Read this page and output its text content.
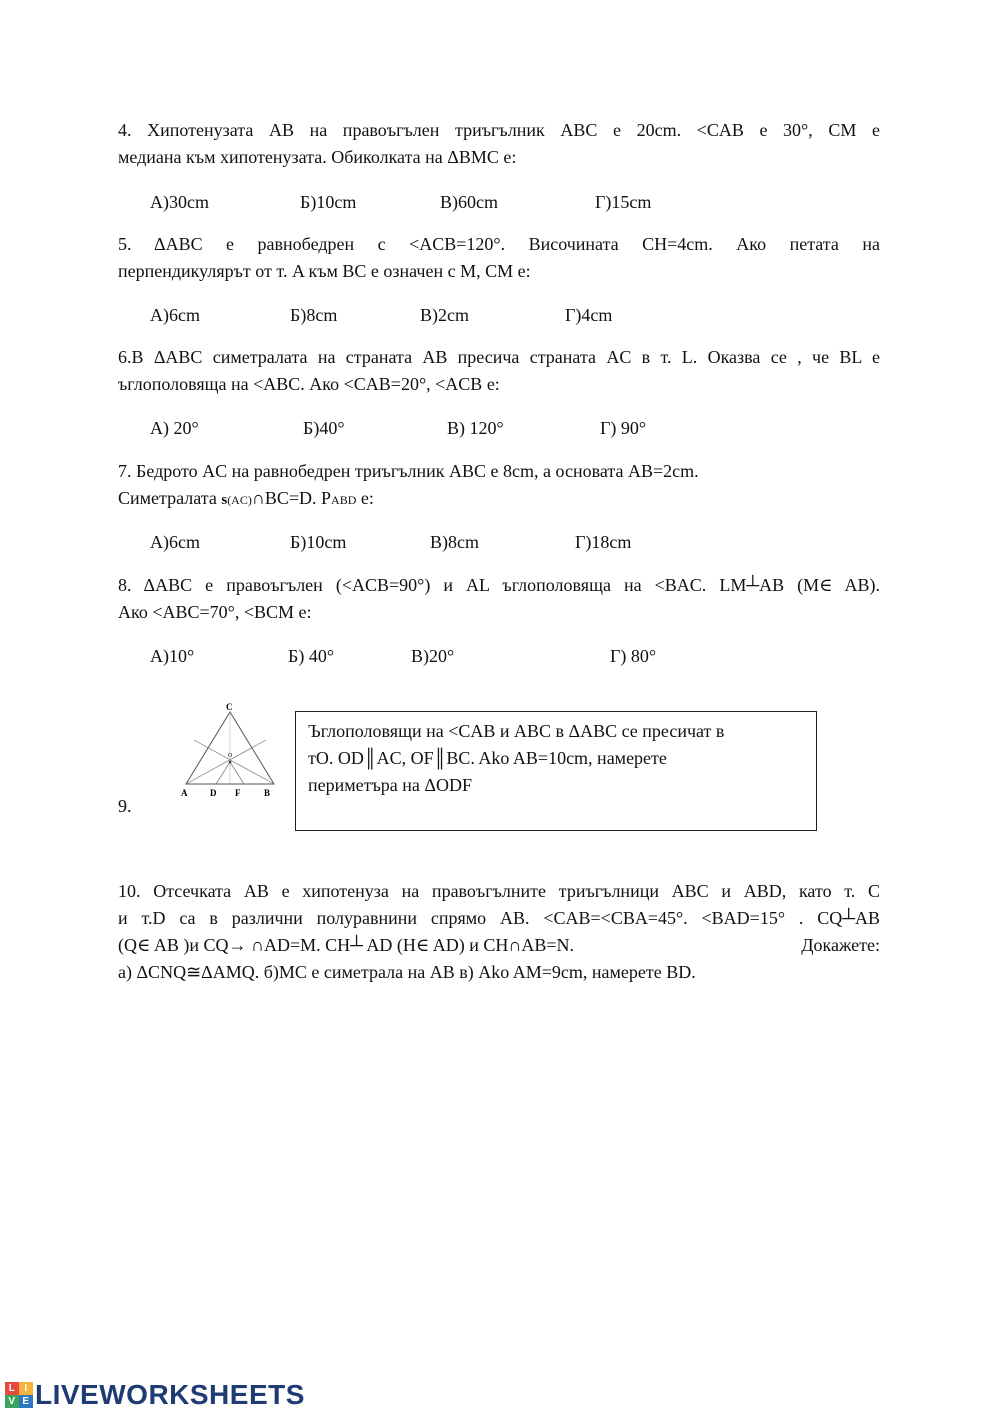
4. Хипотенузата AB на правоъгълен триъгълник ABC е 20cm. <CAB е 30°, CM е
медиана към хипотенузата. Обиколката на ΔBMC е:
А)30cm	Б)10cm	В)60cm	Г)15cm
5. ΔABC е равнобедрен с <ACB=120°. Височината CH=4cm. Ако петата на
перпендикулярът от т. A към BC е означен с M, CM е:
А)6cm	Б)8cm	В)2cm	Г)4cm
6.В ΔABC симетралата на страната AB пресича страната AC в т. L. Оказва се , че BL е
ъглополовяща на <ABC. Ако <CAB=20°, <ACB е:
А) 20°	Б)40°	В) 120°	Г) 90°
7. Бедрото AC на равнобедрен триъгълник ABC е 8cm, а основата AB=2cm.
Симетралата s(AC)∩BC=D. PABD е:
А)6cm	Б)10cm	В)8cm	Г)18cm
8. ΔABC е правоъгълен (<ACB=90°) и AL ъглополовяща на <BAC. LM┴AB (M∈ AB).
Ако <ABC=70°, <BCM е:
А)10°	Б) 40°	В)20°	Г) 80°
9.
C
O
A	D F	B
Ъглополовящи на <CAB и ABC в ΔABC се пресичат в
тO. OD║AC, OF║BC. Ako AB=10cm, намерете
периметъра на ΔODF
10. Отсечката AB е хипотенуза на правоъгълните триъгълници ABC и ABD, като т. C
и т.D са в различни полуравнини спрямо AB. <CAB=<CBA=45°. <BAD=15° . CQ┴AB
(Q∈ AB )и CQ→ ∩AD=M. CH┴ AD (H∈ AD) и CH∩AB=N.	Докажете:
а) ΔCNQ≅ΔAMQ. б)MC е симетрала на AB в) Ako AM=9cm, намерете BD.
L I
V E LIVEWORKSHEETS
